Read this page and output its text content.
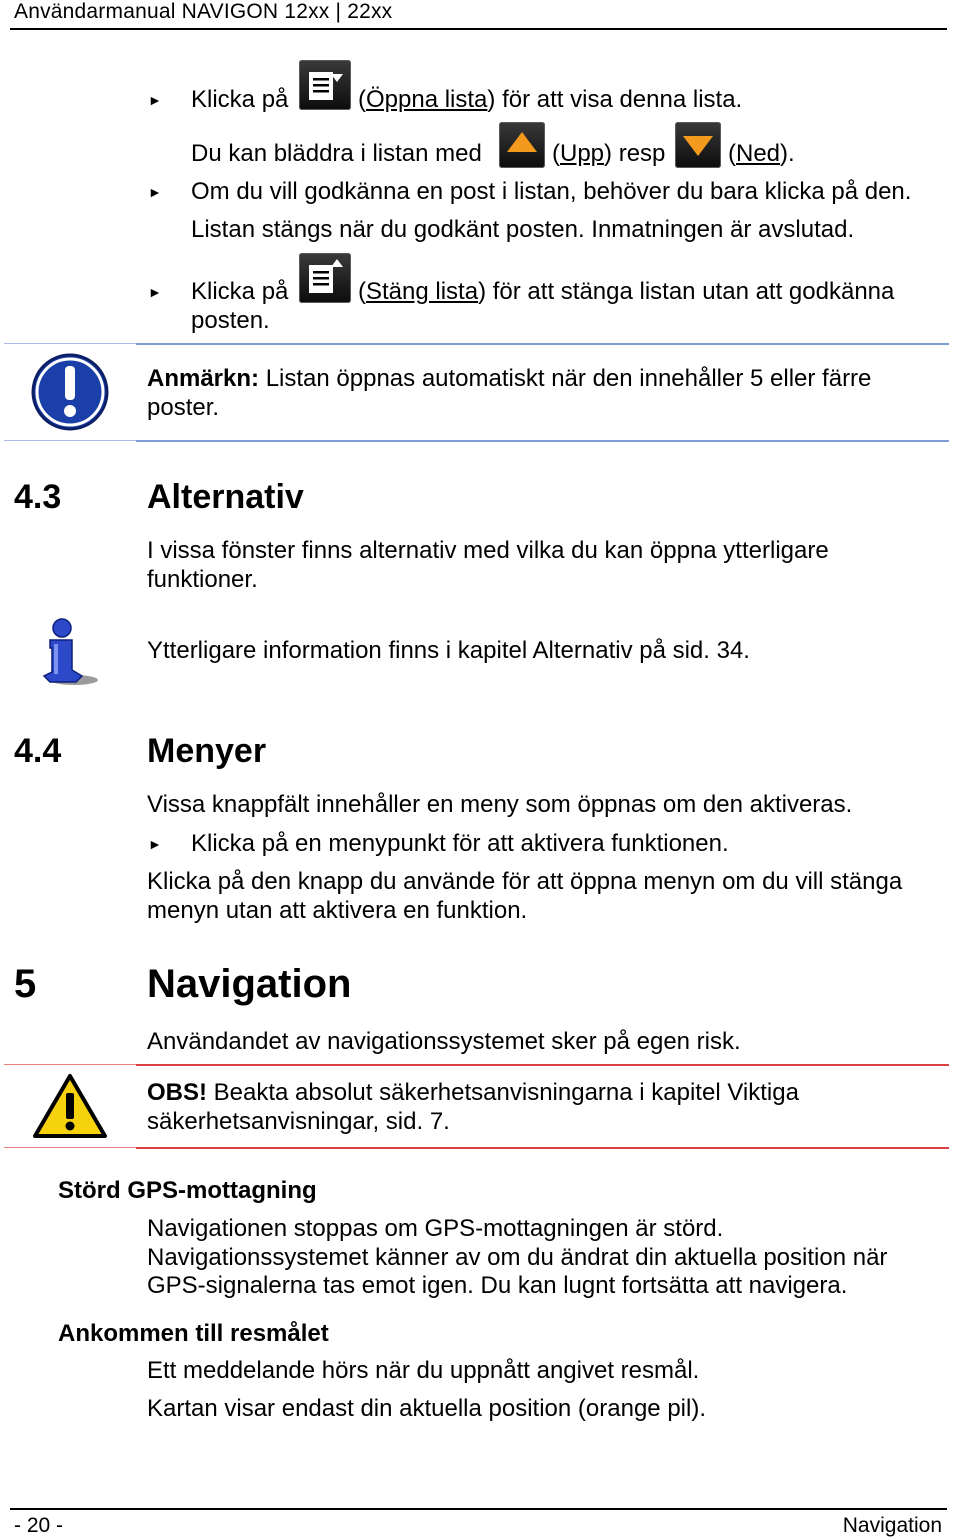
Användarmanual NAVIGON 12xx | 22xx
► Klicka på	(Öppna lista) för att visa denna lista.
Du kan bläddra i listan med	(Upp) resp	(Ned).
► Om du vill godkänna en post i listan, behöver du bara klicka på den.
Listan stängs när du godkänt posten. Inmatningen är avslutad.
► Klicka på	(Stäng lista) för att stänga listan utan att godkänna
posten.
Anmärkn: Listan öppnas automatiskt när den innehåller 5 eller färre
poster.
4.3	Alternativ
I vissa fönster finns alternativ med vilka du kan öppna ytterligare
funktioner.
Ytterligare information finns i kapitel Alternativ på sid. 34.
4.4	Menyer
Vissa knappfält innehåller en meny som öppnas om den aktiveras.
► Klicka på en menypunkt för att aktivera funktionen.
Klicka på den knapp du använde för att öppna menyn om du vill stänga
menyn utan att aktivera en funktion.
5	Navigation
Användandet av navigationssystemet sker på egen risk.
OBS! Beakta absolut säkerhetsanvisningarna i kapitel Viktiga
säkerhetsanvisningar, sid. 7.
Störd GPS-mottagning
Navigationen stoppas om GPS-mottagningen är störd.
Navigationssystemet känner av om du ändrat din aktuella position när
GPS-signalerna tas emot igen. Du kan lugnt fortsätta att navigera.
Ankommen till resmålet
Ett meddelande hörs när du uppnått angivet resmål.
Kartan visar endast din aktuella position (orange pil).
- 20 -	Navigation
